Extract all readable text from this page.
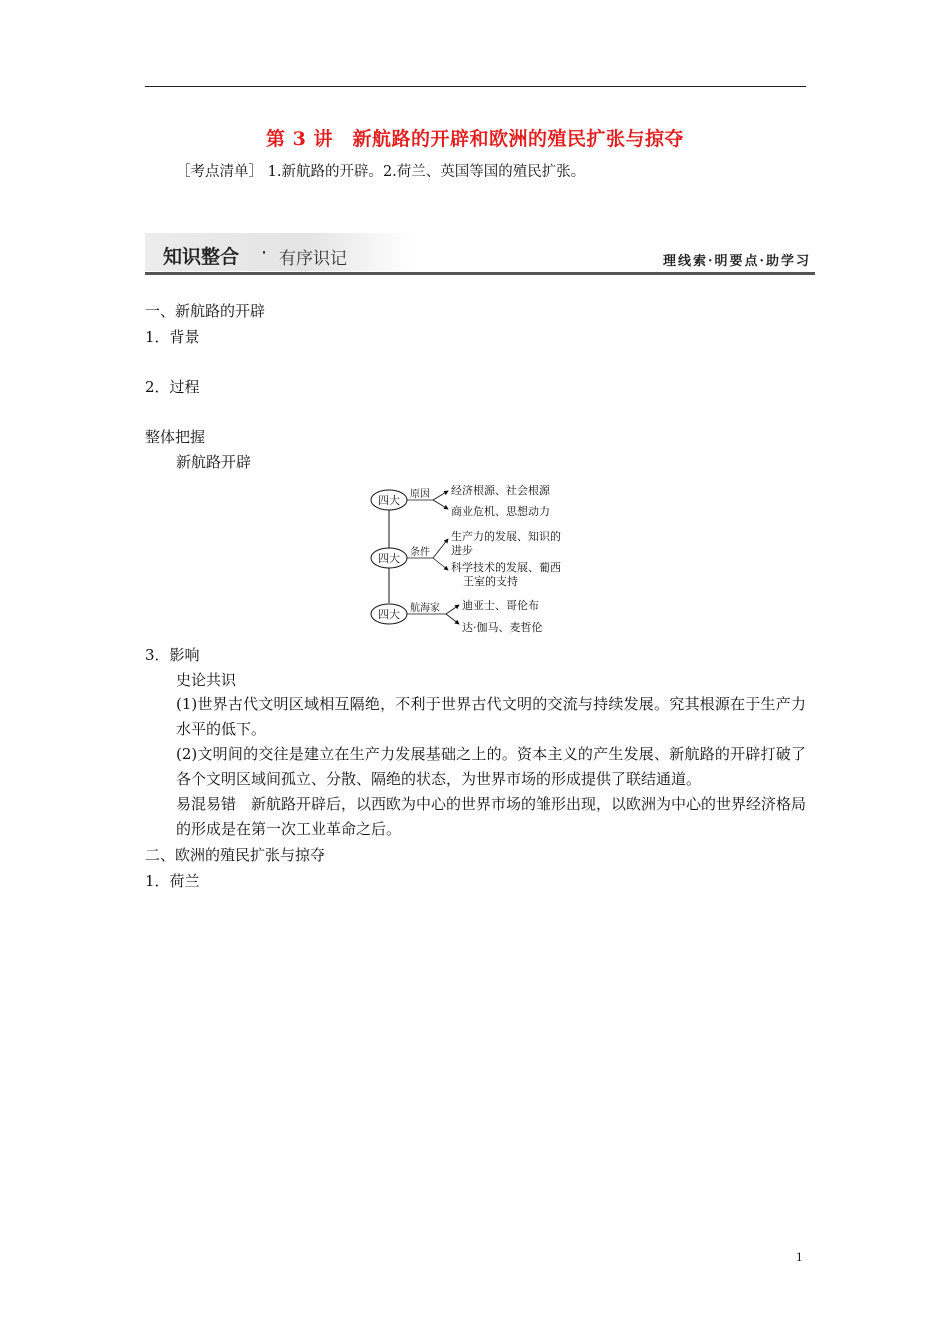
第 3 讲　新航路的开辟和欧洲的殖民扩张与掠夺
［考点清单］ 1.新航路的开辟。2.荷兰、英国等国的殖民扩张。
知识整合 · 有序识记	理线索·明要点·助学习
一、新航路的开辟
1．背景
2．过程
整体把握
新航路开辟
四大 原因 经济根源、社会根源
商业危机、思想动力
四大 条件
生产力的发展、知识的
进步
科学技术的发展、葡西
王室的支持
四大 航海家 迪亚士、哥伦布
达·伽马、麦哲伦
3．影响
史论共识
(1)世界古代文明区域相互隔绝，不利于世界古代文明的交流与持续发展。究其根源在于生产力水平的低下。
(2)文明间的交往是建立在生产力发展基础之上的。资本主义的产生发展、新航路的开辟打破了各个文明区域间孤立、分散、隔绝的状态，为世界市场的形成提供了联结通道。
易混易错　新航路开辟后，以西欧为中心的世界市场的雏形出现，以欧洲为中心的世界经济格局的形成是在第一次工业革命之后。
二、欧洲的殖民扩张与掠夺
1．荷兰
1
